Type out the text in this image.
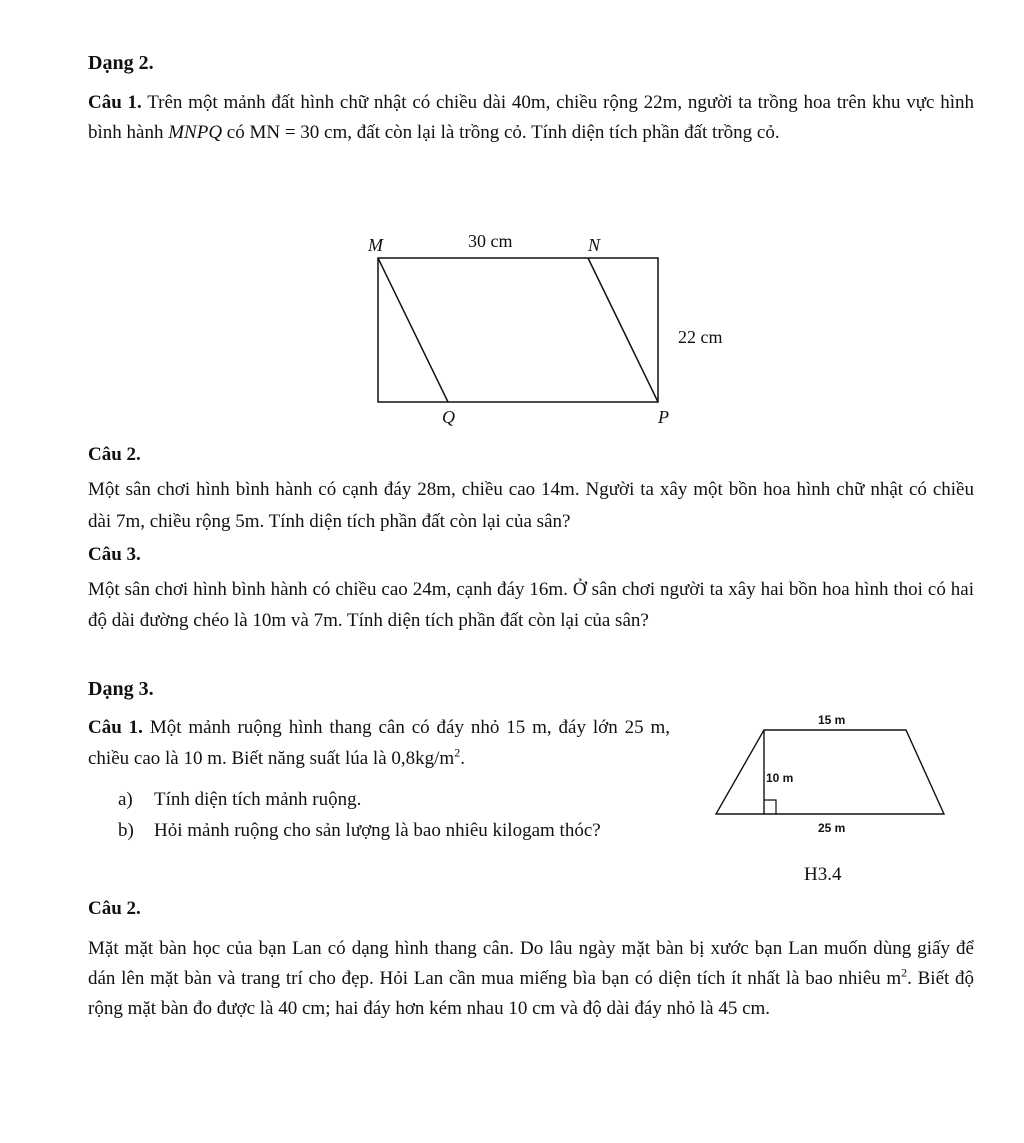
Dạng 2.
Câu 1. Trên một mảnh đất hình chữ nhật có chiều dài 40m, chiều rộng 22m, người ta trồng hoa trên khu vực hình bình hành MNPQ có MN = 30 cm, đất còn lại là trồng cỏ. Tính diện tích phần đất trồng cỏ.
M	30 cm	N
22 cm
Q	P
Câu 2.
Một sân chơi hình bình hành có cạnh đáy 28m, chiều cao 14m. Người ta xây một bồn hoa hình chữ nhật có chiều dài 7m, chiều rộng 5m. Tính diện tích phần đất còn lại của sân?
Câu 3.
Một sân chơi hình bình hành có chiều cao 24m, cạnh đáy 16m. Ở sân chơi người ta xây hai bồn hoa hình thoi có hai độ dài đường chéo là 10m và 7m. Tính diện tích phần đất còn lại của sân?
Dạng 3.
Câu 1. Một mảnh ruộng hình thang cân có đáy nhỏ 15 m, đáy lớn 25 m, chiều cao là 10 m. Biết năng suất lúa là $0,8kg/m^2$.
a)	Tính diện tích mảnh ruộng.
b)	Hỏi mảnh ruộng cho sản lượng là bao nhiêu kilogam thóc?
15 m
10 m
25 m
H3.4
Câu 2.
Mặt mặt bàn học của bạn Lan có dạng hình thang cân. Do lâu ngày mặt bàn bị xước bạn Lan muốn dùng giấy để dán lên mặt bàn và trang trí cho đẹp. Hỏi Lan cần mua miếng bìa bạn có diện tích ít nhất là bao nhiêu $m^2$. Biết độ rộng mặt bàn đo được là 40 cm; hai đáy hơn kém nhau 10 cm và độ dài đáy nhỏ là 45 cm.
